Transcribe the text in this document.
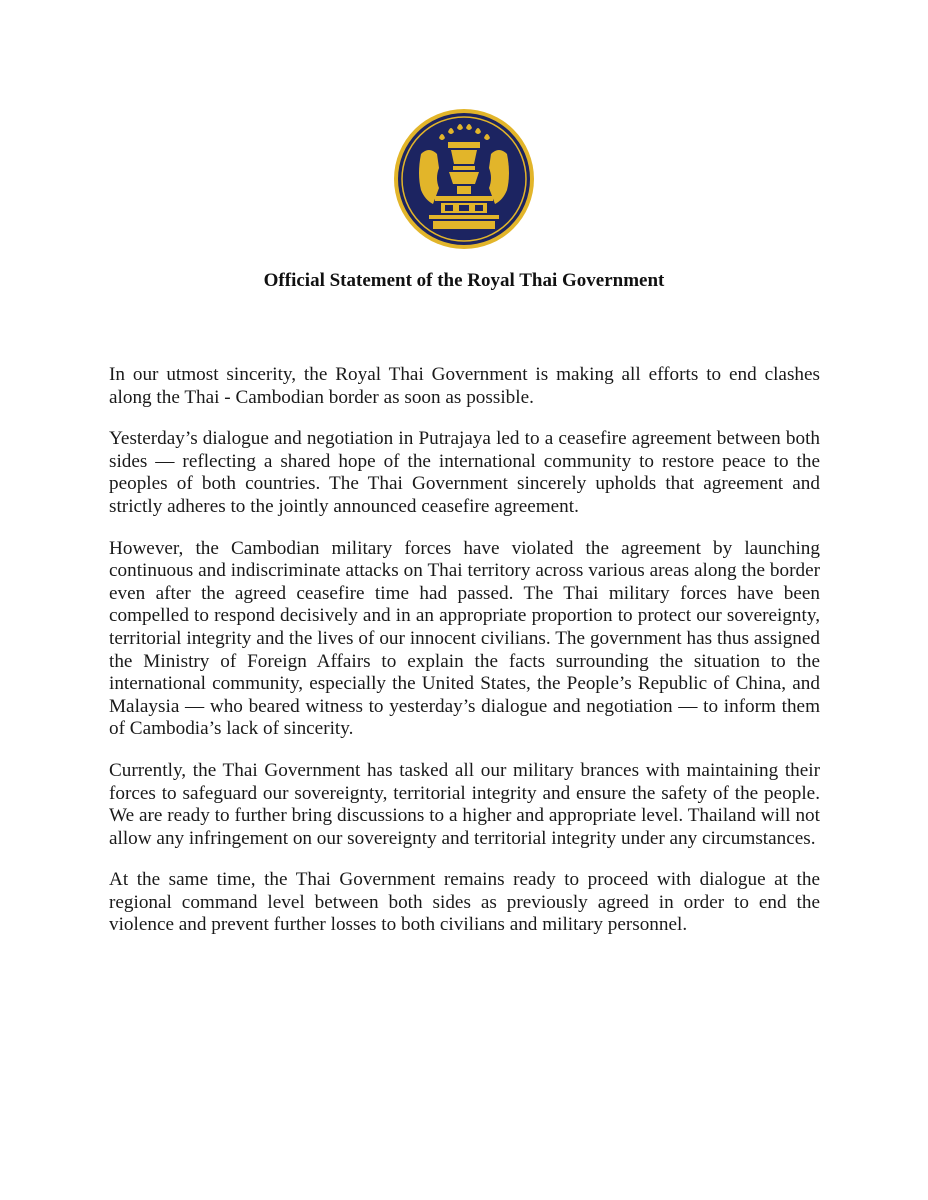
Official Statement of the Royal Thai Government

In our utmost sincerity, the Royal Thai Government is making all efforts to end clashes along the Thai - Cambodian border as soon as possible.

Yesterday’s dialogue and negotiation in Putrajaya led to a ceasefire agreement between both sides — reflecting a shared hope of the international community to restore peace to the peoples of both countries. The Thai Government sincerely upholds that agreement and strictly adheres to the jointly announced ceasefire agreement.

However, the Cambodian military forces have violated the agreement by launching continuous and indiscriminate attacks on Thai territory across various areas along the border even after the agreed ceasefire time had passed. The Thai military forces have been compelled to respond decisively and in an appropriate proportion to protect our sovereignty, territorial integrity and the lives of our innocent civilians. The government has thus assigned the Ministry of Foreign Affairs to explain the facts surrounding the situation to the international community, especially the United States, the People’s Republic of China, and Malaysia — who beared witness to yesterday’s dialogue and negotiation — to inform them of Cambodia’s lack of sincerity.

Currently, the Thai Government has tasked all our military brances with maintaining their forces to safeguard our sovereignty, territorial integrity and ensure the safety of the people. We are ready to further bring discussions to a higher and appropriate level. Thailand will not allow any infringement on our sovereignty and territorial integrity under any circumstances.

At the same time, the Thai Government remains ready to proceed with dialogue at the regional command level between both sides as previously agreed in order to end the violence and prevent further losses to both civilians and military personnel.
